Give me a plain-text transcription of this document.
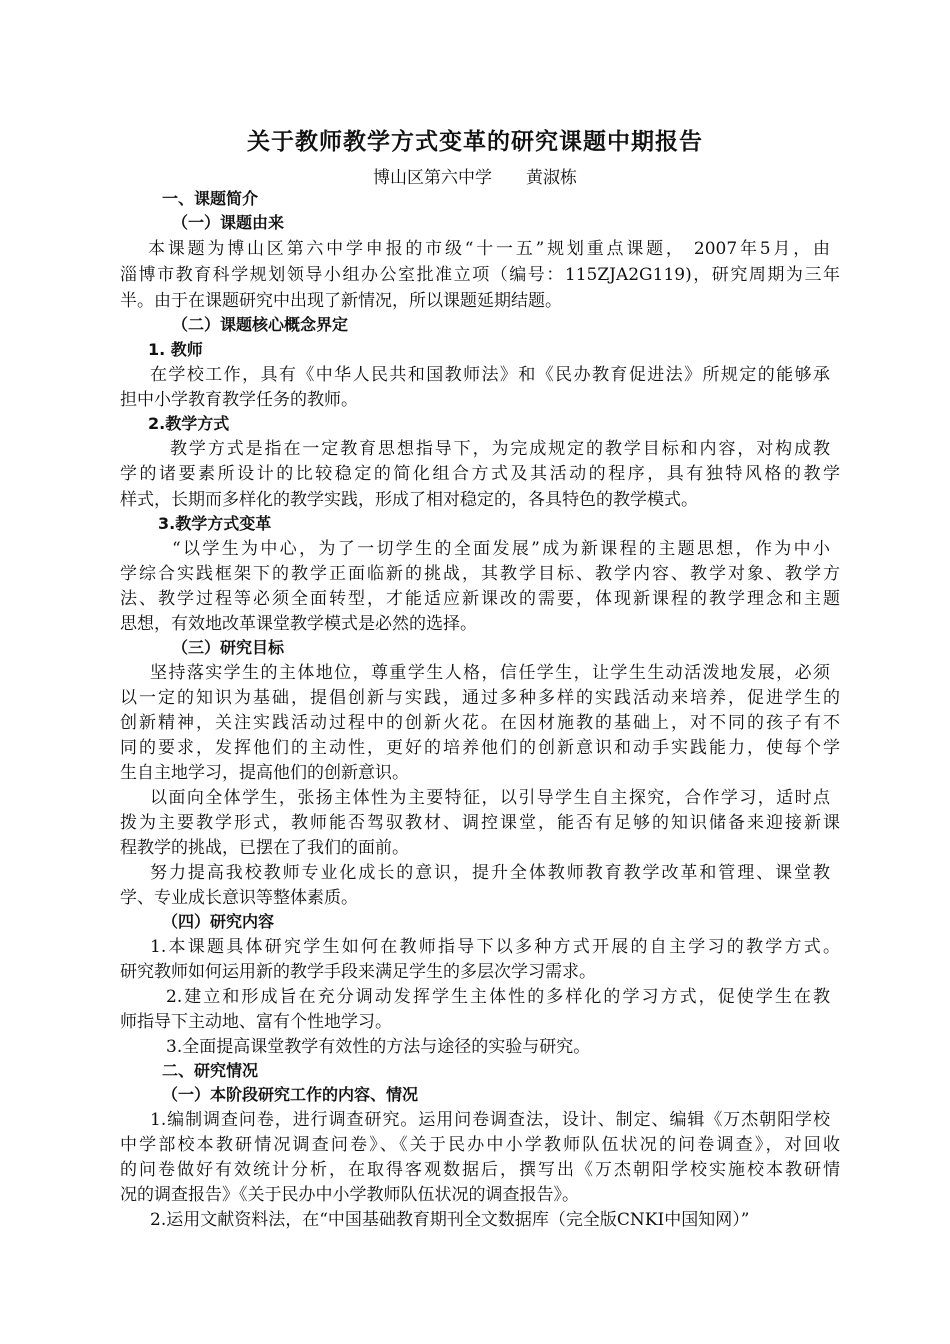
关于教师教学方式变革的研究课题中期报告
博山区第六中学　　黄淑栋
一、课题简介
（一）课题由来
本课题为博山区第六中学申报的市级“十一五”规划重点课题， 2007年5月，由
淄博市教育科学规划领导小组办公室批准立项（编号：115ZJA2G119)，研究周期为三年
半。由于在课题研究中出现了新情况，所以课题延期结题。
（二）课题核心概念界定
1. 教师
在学校工作，具有《中华人民共和国教师法》和《民办教育促进法》所规定的能够承
担中小学教育教学任务的教师。
2.教学方式
教学方式是指在一定教育思想指导下，为完成规定的教学目标和内容，对构成教
学的诸要素所设计的比较稳定的简化组合方式及其活动的程序，具有独特风格的教学
样式，长期而多样化的教学实践，形成了相对稳定的，各具特色的教学模式。
3.教学方式变革
“以学生为中心，为了一切学生的全面发展”成为新课程的主题思想，作为中小
学综合实践框架下的教学正面临新的挑战，其教学目标、教学内容、教学对象、教学方
法、教学过程等必须全面转型，才能适应新课改的需要，体现新课程的教学理念和主题
思想，有效地改革课堂教学模式是必然的选择。
（三）研究目标
坚持落实学生的主体地位，尊重学生人格，信任学生，让学生生动活泼地发展，必须
以一定的知识为基础，提倡创新与实践，通过多种多样的实践活动来培养，促进学生的
创新精神，关注实践活动过程中的创新火花。在因材施教的基础上，对不同的孩子有不
同的要求，发挥他们的主动性，更好的培养他们的创新意识和动手实践能力，使每个学
生自主地学习，提高他们的创新意识。
以面向全体学生，张扬主体性为主要特征，以引导学生自主探究，合作学习，适时点
拨为主要教学形式，教师能否驾驭教材、调控课堂，能否有足够的知识储备来迎接新课
程教学的挑战，已摆在了我们的面前。
努力提高我校教师专业化成长的意识，提升全体教师教育教学改革和管理、课堂教
学、专业成长意识等整体素质。
（四）研究内容
1.本课题具体研究学生如何在教师指导下以多种方式开展的自主学习的教学方式。
研究教师如何运用新的教学手段来满足学生的多层次学习需求。
2.建立和形成旨在充分调动发挥学生主体性的多样化的学习方式，促使学生在教
师指导下主动地、富有个性地学习。
3.全面提高课堂教学有效性的方法与途径的实验与研究。
二、研究情况
（一）本阶段研究工作的内容、情况
1.编制调查问卷，进行调查研究。运用问卷调查法，设计、制定、编辑《万杰朝阳学校
中学部校本教研情况调查问卷》、《关于民办中小学教师队伍状况的问卷调查》，对回收
的问卷做好有效统计分析，在取得客观数据后，撰写出《万杰朝阳学校实施校本教研情
况的调查报告》《关于民办中小学教师队伍状况的调查报告》。
2.运用文献资料法，在“中国基础教育期刊全文数据库（完全版CNKI中国知网）”
